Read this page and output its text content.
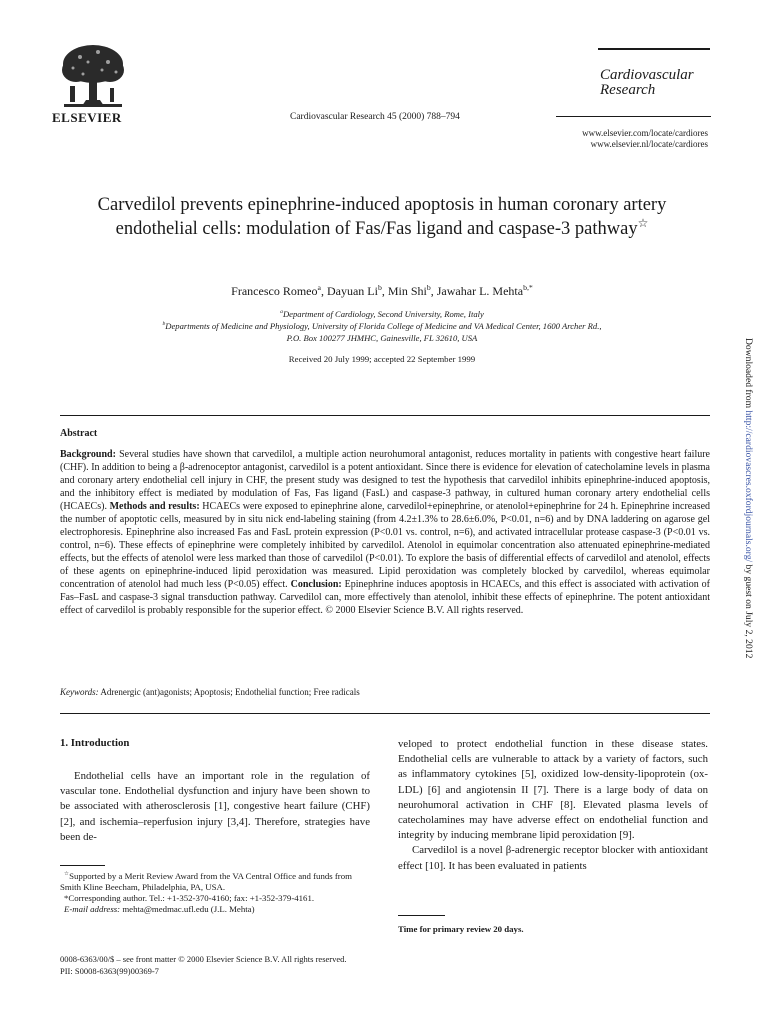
ELSEVIER	Cardiovascular Research 45 (2000) 788–794
Cardiovascular
Research
www.elsevier.com/locate/cardiores
www.elsevier.nl/locate/cardiores
Carvedilol prevents epinephrine-induced apoptosis in human coronary artery endothelial cells: modulation of Fas/Fas ligand and caspase-3 pathway☆
Francesco Romeo$^a$, Dayuan Li$^b$, Min Shi$^b$, Jawahar L. Mehta$^{b,*}$
$^a$Department of Cardiology, Second University, Rome, Italy
$^b$Departments of Medicine and Physiology, University of Florida College of Medicine and VA Medical Center, 1600 Archer Rd.,
P.O. Box 100277 JHMHC, Gainesville, FL 32610, USA
Received 20 July 1999; accepted 22 September 1999
Abstract
Background: Several studies have shown that carvedilol, a multiple action neurohumoral antagonist, reduces mortality in patients with congestive heart failure (CHF). In addition to being a β-adrenoceptor antagonist, carvedilol is a potent antioxidant. Since there is evidence for elevation of catecholamine levels in plasma and coronary artery endothelial cell injury in CHF, the present study was designed to test the hypothesis that carvedilol inhibits epinephrine-induced apoptosis, and the inhibitory effect is mediated by modulation of Fas, Fas ligand (FasL) and caspase-3 pathway, in cultured human coronary artery endothelial cells (HCAECs). Methods and results: HCAECs were exposed to epinephrine alone, carvedilol+epinephrine, or atenolol+epinephrine for 24 h. Epinephrine increased the number of apoptotic cells, measured by in situ nick end-labeling staining (from 4.2±1.3% to 28.6±6.0%, P<0.01, n=6) and by DNA laddering on agarose gel electrophoresis. Epinephrine also increased Fas and FasL protein expression (P<0.01 vs. control, n=6), and activated intracellular protease caspase-3 (P<0.01 vs. control, n=6). These effects of epinephrine were completely inhibited by carvedilol. Atenolol in equimolar concentration also attenuated epinephrine-mediated effects, but the effects of atenolol were less marked than those of carvedilol (P<0.01). To explore the basis of differential effects of carvedilol and atenolol, effects of these agents on epinephrine-induced lipid peroxidation was measured. Lipid peroxidation was completely blocked by carvedilol, whereas equimolar concentration of atenolol had much less (P<0.05) effect. Conclusion: Epinephrine induces apoptosis in HCAECs, and this effect is associated with activation of Fas–FasL and caspase-3 signal transduction pathway. Carvedilol can, more effectively than atenolol, inhibit these effects of epinephrine. The potent antioxidant effect of carvedilol is probably responsible for the superior effect. © 2000 Elsevier Science B.V. All rights reserved.
Keywords: Adrenergic (ant)agonists; Apoptosis; Endothelial function; Free radicals
1. Introduction
Endothelial cells have an important role in the regulation of vascular tone. Endothelial dysfunction and injury have been shown to be associated with atherosclerosis [1], congestive heart failure (CHF) [2], and ischemia–reperfusion injury [3,4]. Therefore, strategies have been de-

☆Supported by a Merit Review Award from the VA Central Office and funds from Smith Kline Beecham, Philadelphia, PA, USA.

*Corresponding author. Tel.: +1-352-370-4160; fax: +1-352-379-4161.

E-mail address: mehta@medmac.ufl.edu (J.L. Mehta)

veloped to protect endothelial function in these disease states. Endothelial cells are vulnerable to attack by a variety of factors, such as inflammatory cytokines [5], oxidized low-density-lipoprotein (ox-LDL) [6] and angiotensin II [7]. There is a large body of data on neurohumoral activation in CHF [8]. Elevated plasma levels of catecholamines may have adverse effect on endothelial function and integrity by inducing membrane lipid peroxidation [9].
Carvedilol is a novel β-adrenergic receptor blocker with antioxidant effect [10]. It has been evaluated in patients
Time for primary review 20 days.
0008-6363/00/$ – see front matter © 2000 Elsevier Science B.V. All rights reserved.
PII: S0008-6363(99)00369-7
Downloaded from http://cardiovascres.oxfordjournals.org/ by guest on July 2, 2012
